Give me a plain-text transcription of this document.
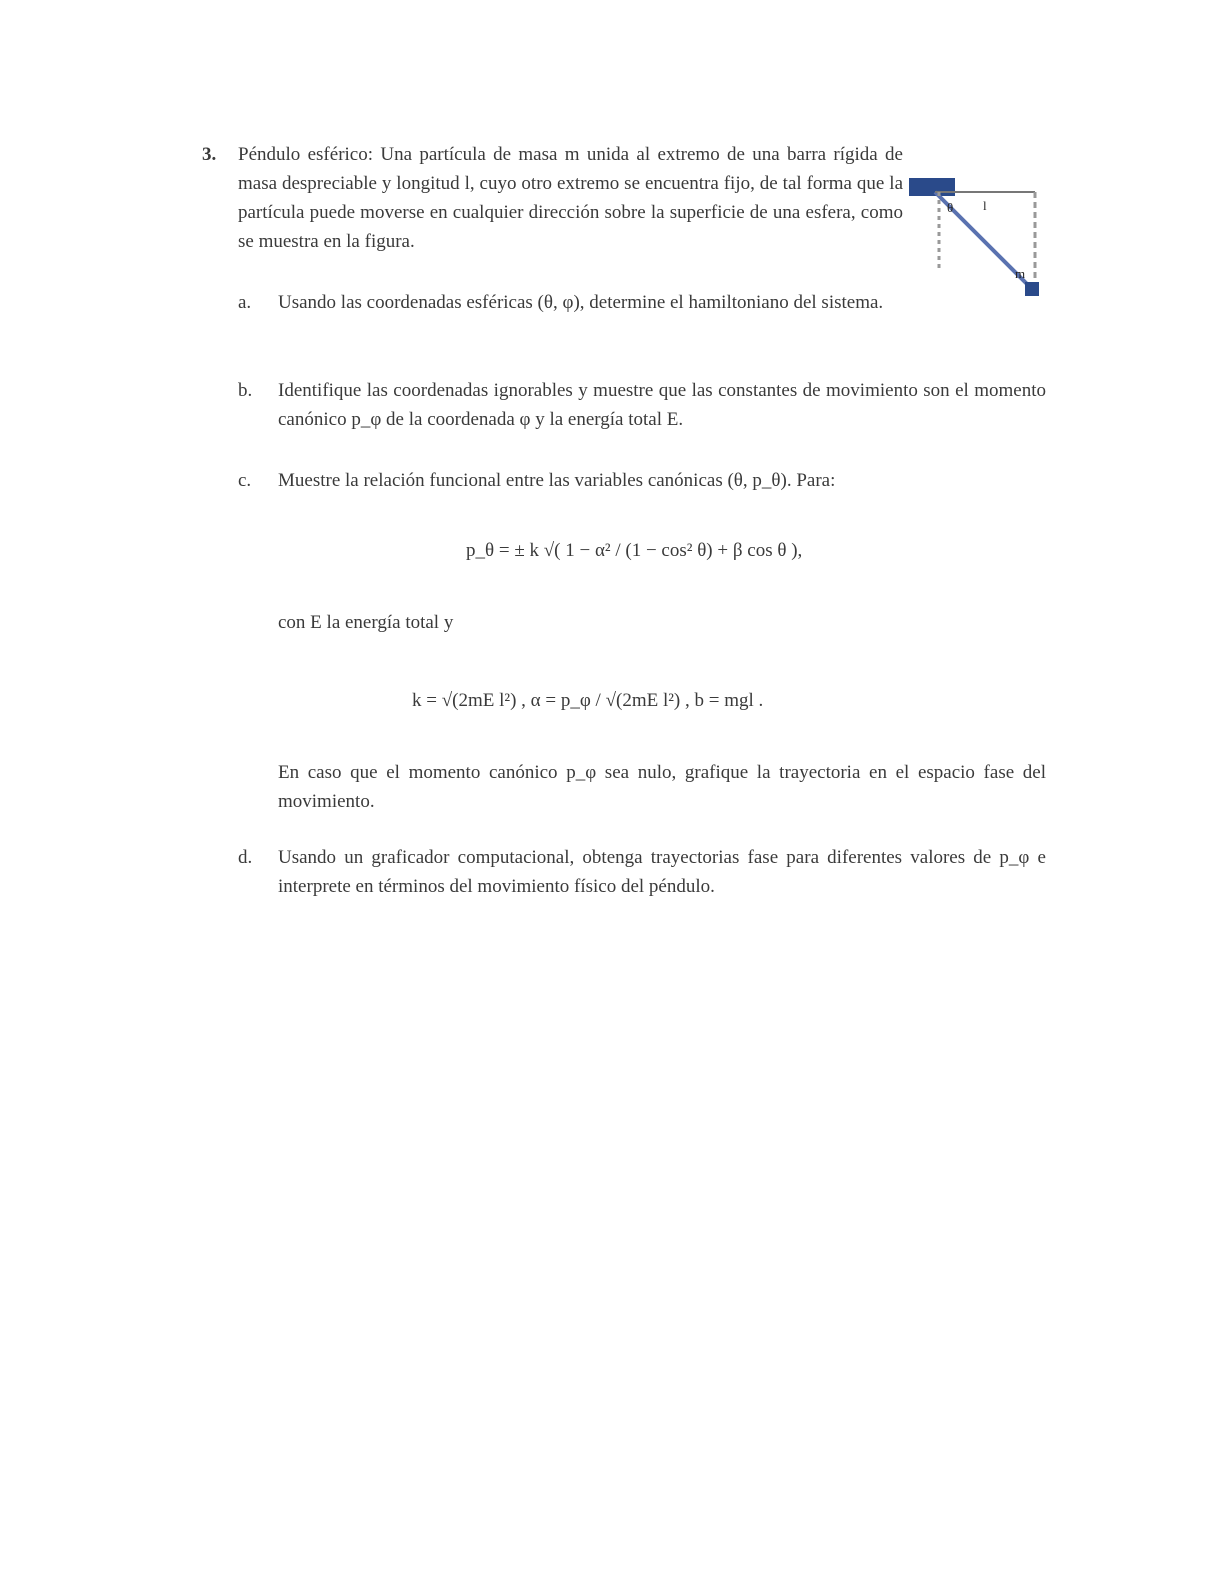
3. Péndulo esférico: Una partícula de masa m unida al extremo de una barra rígida de masa despreciable y longitud l, cuyo otro extremo se encuentra fijo, de tal forma que la partícula puede moverse en cualquier dirección sobre la superficie de una esfera, como se muestra en la figura.
a. Usando las coordenadas esféricas (θ, φ), determine el hamiltoniano del sistema.
b. Identifique las coordenadas ignorables y muestre que las constantes de movimiento son el momento canónico p_φ de la coordenada φ y la energía total E.
c. Muestre la relación funcional entre las variables canónicas (θ, p_θ). Para:
p_θ = ± k √( 1 − α² / (1 − cos² θ) + β cos θ ),
con E la energía total y
k = √(2mE l²) , α = p_φ / √(2mE l²) , b = mgl .
En caso que el momento canónico p_φ sea nulo, grafique la trayectoria en el espacio fase del movimiento.
d. Usando un graficador computacional, obtenga trayectorias fase para diferentes valores de p_φ e interprete en términos del movimiento físico del péndulo.
θ l
m
